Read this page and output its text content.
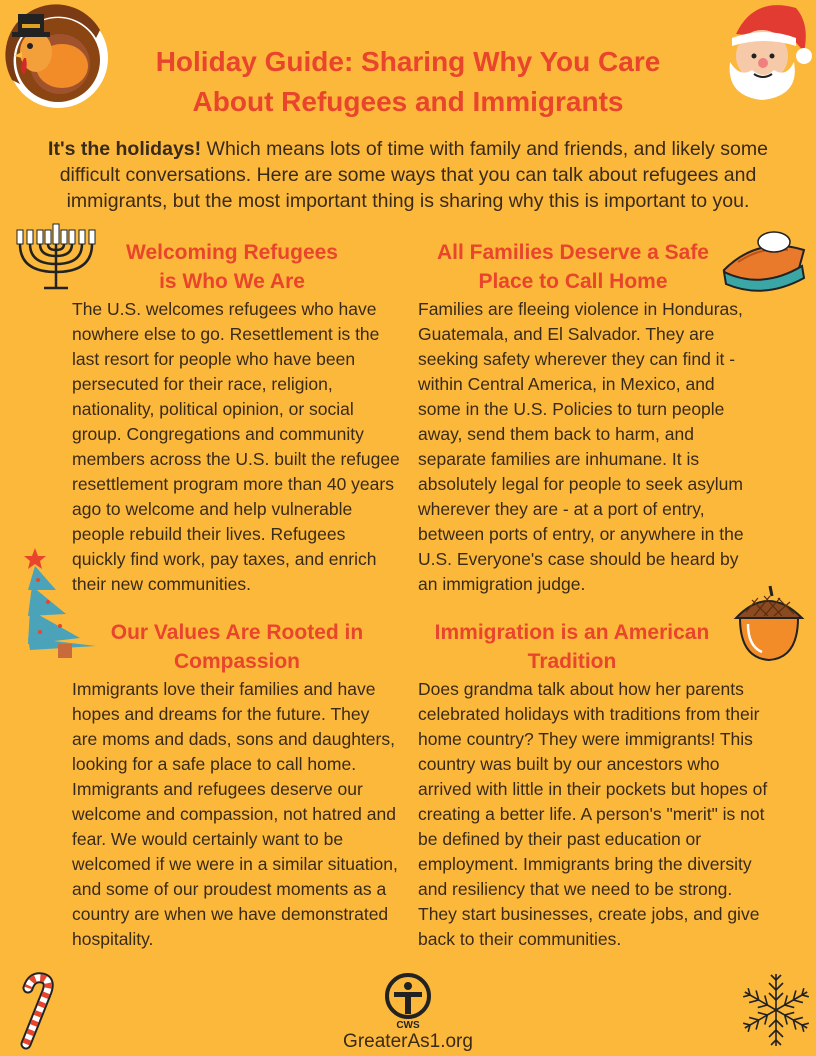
Holiday Guide: Sharing Why You Care
About Refugees and Immigrants
It's the holidays! Which means lots of time with family and friends, and likely some difficult conversations. Here are some ways that you can talk about refugees and immigrants, but the most important thing is sharing why this is important to you.
Welcoming Refugees
is Who We Are
The U.S. welcomes refugees who have nowhere else to go. Resettlement is the last resort for people who have been persecuted for their race, religion, nationality, political opinion, or social group. Congregations and community members across the U.S. built the refugee resettlement program more than 40 years ago to welcome and help vulnerable people rebuild their lives. Refugees quickly find work, pay taxes, and enrich their new communities.
All Families Deserve a Safe
Place to Call Home
Families are fleeing violence in Honduras, Guatemala, and El Salvador. They are seeking safety wherever they can find it - within Central America, in Mexico, and some in the U.S. Policies to turn people away, send them back to harm, and separate families are inhumane. It is absolutely legal for people to seek asylum wherever they are - at a port of entry, between ports of entry, or anywhere in the U.S. Everyone's case should be heard by an immigration judge.
Our Values Are Rooted in
Compassion
Immigrants love their families and have hopes and dreams for the future. They are moms and dads, sons and daughters, looking for a safe place to call home. Immigrants and refugees deserve our welcome and compassion, not hatred and fear. We would certainly want to be welcomed if we were in a similar situation, and some of our proudest moments as a country are when we have demonstrated hospitality.
Immigration is an American
Tradition
Does grandma talk about how her parents celebrated holidays with traditions from their home country? They were immigrants! This country was built by our ancestors who arrived with little in their pockets but hopes of creating a better life. A person's "merit" is not be defined by their past education or employment. Immigrants bring the diversity and resiliency that we need to be strong. They start businesses, create jobs, and give back to their communities.
CWS
GreaterAs1.org
